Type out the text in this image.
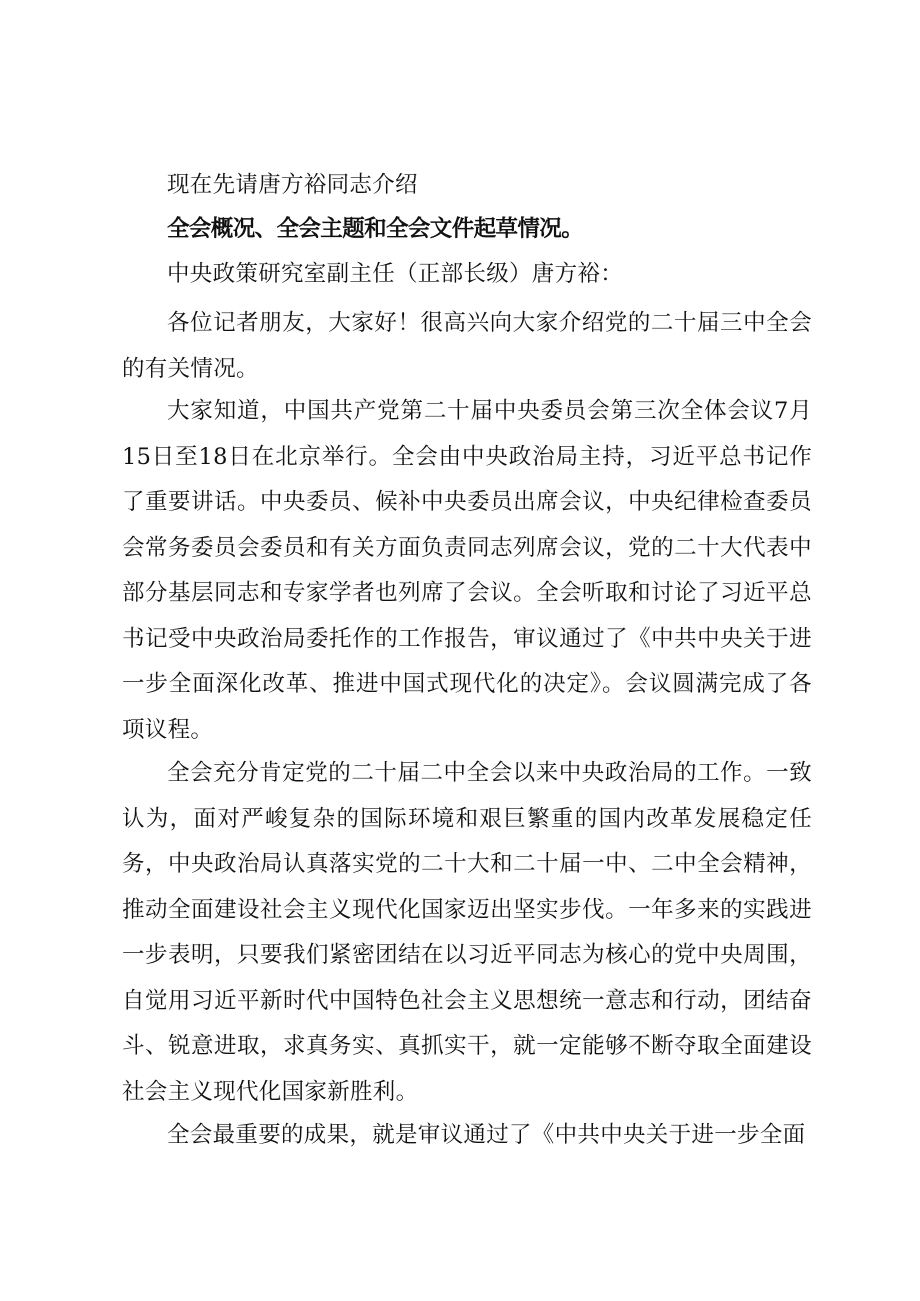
现在先请唐方裕同志介绍

全会概况、全会主题和全会文件起草情况。

中央政策研究室副主任（正部长级）唐方裕：

各位记者朋友，大家好！很高兴向大家介绍党的二十届三中全会的有关情况。

大家知道，中国共产党第二十届中央委员会第三次全体会议7月15日至18日在北京举行。全会由中央政治局主持，习近平总书记作了重要讲话。中央委员、候补中央委员出席会议，中央纪律检查委员会常务委员会委员和有关方面负责同志列席会议，党的二十大代表中部分基层同志和专家学者也列席了会议。全会听取和讨论了习近平总书记受中央政治局委托作的工作报告，审议通过了《中共中央关于进一步全面深化改革、推进中国式现代化的决定》。会议圆满完成了各项议程。

全会充分肯定党的二十届二中全会以来中央政治局的工作。一致认为，面对严峻复杂的国际环境和艰巨繁重的国内改革发展稳定任务，中央政治局认真落实党的二十大和二十届一中、二中全会精神，推动全面建设社会主义现代化国家迈出坚实步伐。一年多来的实践进一步表明，只要我们紧密团结在以习近平同志为核心的党中央周围，自觉用习近平新时代中国特色社会主义思想统一意志和行动，团结奋斗、锐意进取，求真务实、真抓实干，就一定能够不断夺取全面建设社会主义现代化国家新胜利。

全会最重要的成果，就是审议通过了《中共中央关于进一步全面
